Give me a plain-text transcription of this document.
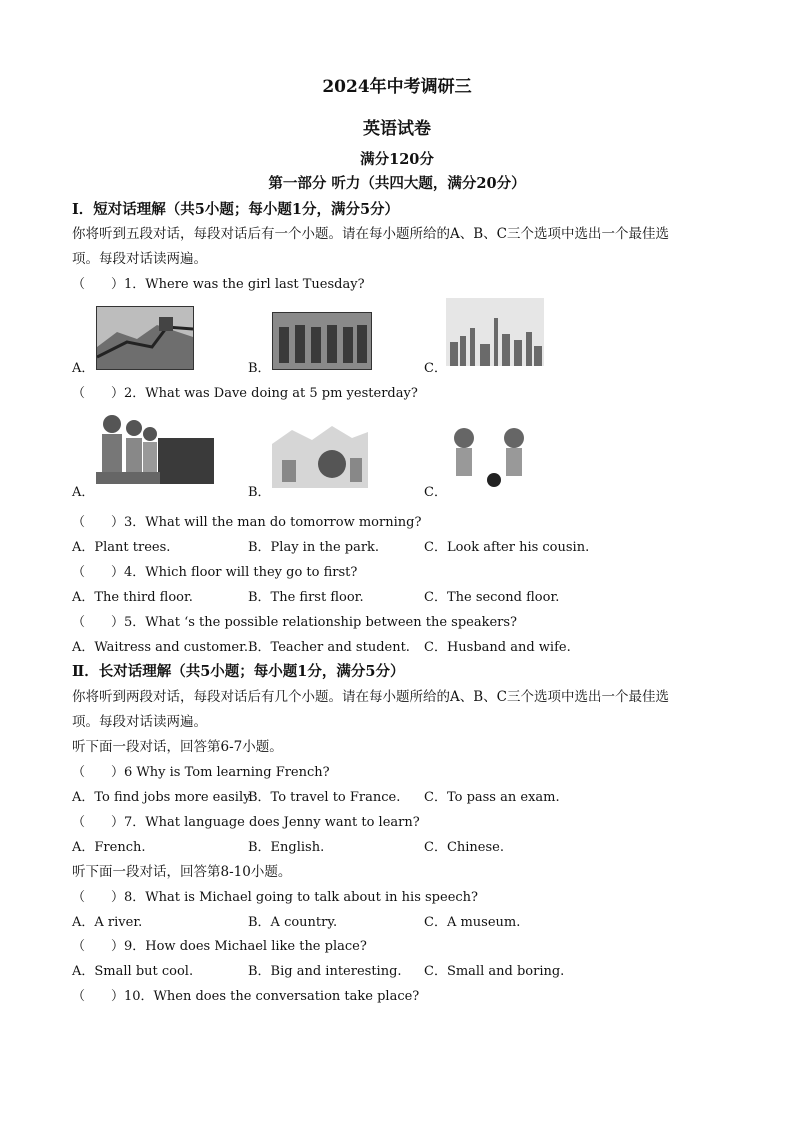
2024年中考调研三
英语试卷
满分120分
第一部分 听力（共四大题，满分20分）
Ⅰ．短对话理解（共5小题；每小题1分，满分5分）
你将听到五段对话，每段对话后有一个小题。请在每小题所给的A、B、C三个选项中选出一个最佳选
项。每段对话读两遍。
（　　）1．Where was the girl last Tuesday?
A．	B．	C．
（　　）2．What was Dave doing at 5 pm yesterday?
A．	B．	C．
（　　）3．What will the man do tomorrow morning?
A．Plant trees.	B．Play in the park.	C．Look after his cousin.
（　　）4．Which floor will they go to first?
A．The third floor.	B．The first floor.	C．The second floor.
（　　）5．What ‘s the possible relationship between the speakers?
A．Waitress and customer. B．Teacher and student. C．Husband and wife.
Ⅱ．长对话理解（共5小题；每小题1分，满分5分）
你将听到两段对话，每段对话后有几个小题。请在每小题所给的A、B、C三个选项中选出一个最佳选
项。每段对话读两遍。
听下面一段对话，回答第6-7小题。
（　　）6 Why is Tom learning French?
A．To find jobs more easily.
B．To travel to France. C．To pass an exam.
（　　）7．What language does Jenny want to learn?
A．French.	B．English.	C．Chinese.
听下面一段对话，回答第8-10小题。
（　　）8．What is Michael going to talk about in his speech?
A．A river.	B．A country.	C．A museum.
（　　）9．How does Michael like the place?
A．Small but cool.	B．Big and interesting. C．Small and boring.
（　　）10．When does the conversation take place?
